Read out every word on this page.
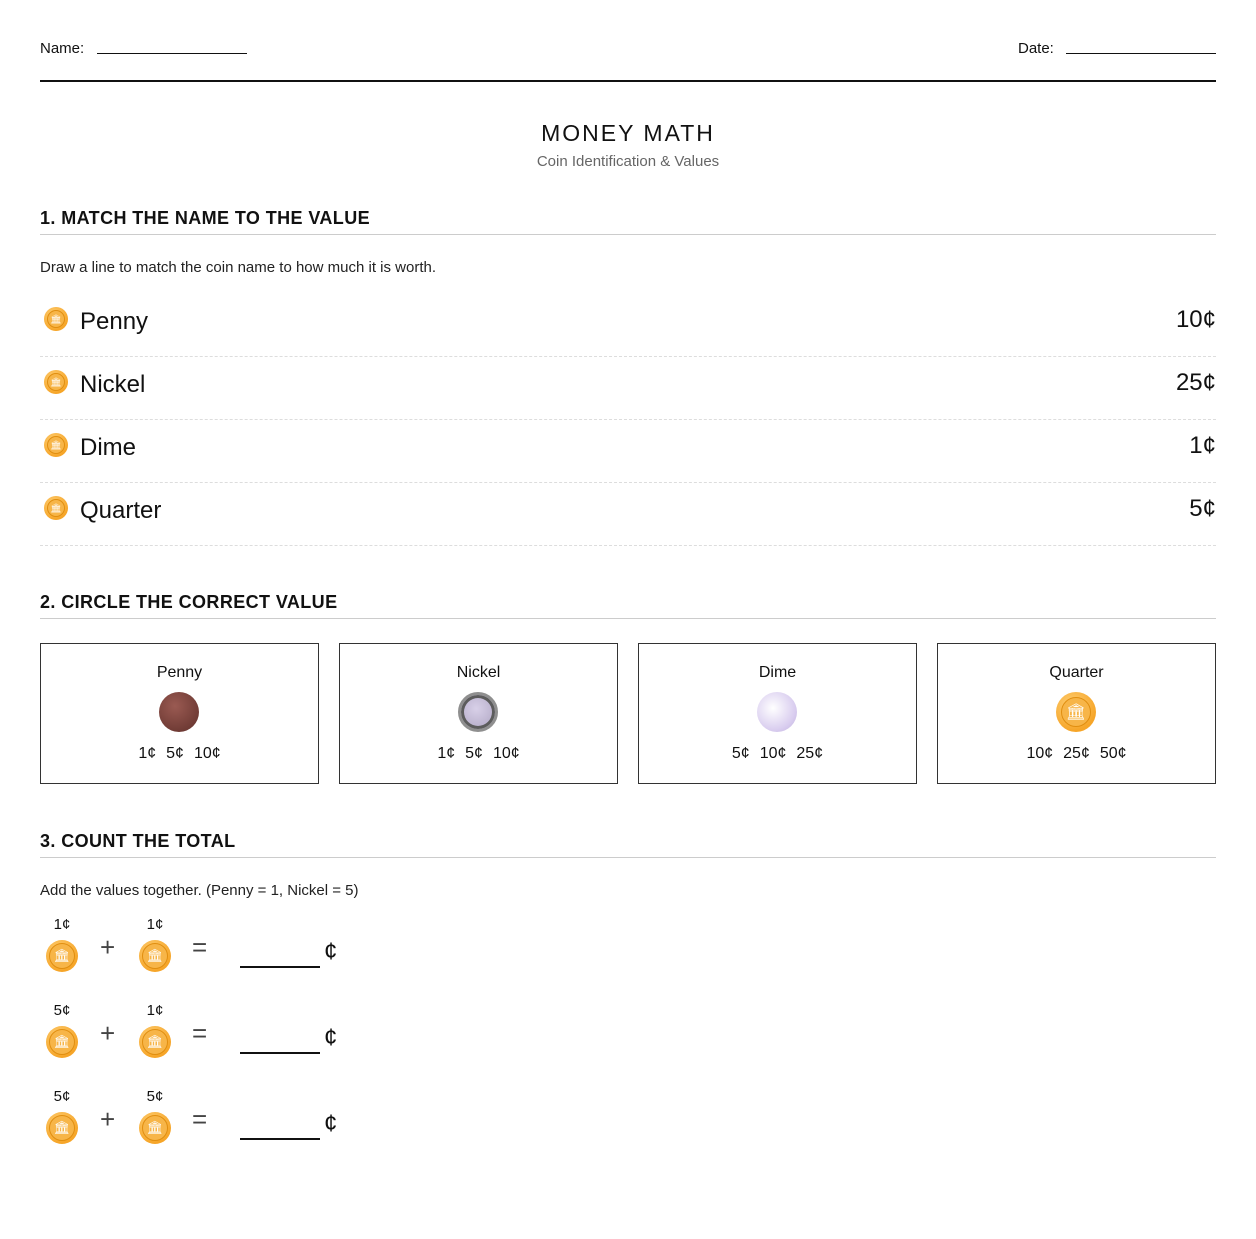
Name:	Date:
MONEY MATH
Coin Identification & Values
1. MATCH THE NAME TO THE VALUE
Draw a line to match the coin name to how much it is worth.
🏛 Penny	10¢
🏛 Nickel	25¢
🏛 Dime	1¢
🏛 Quarter	5¢
2. CIRCLE THE CORRECT VALUE
Penny
1¢ 5¢ 10¢
Nickel
1¢ 5¢ 10¢
Dime
5¢ 10¢ 25¢
Quarter
🏛
10¢ 25¢ 50¢
3. COUNT THE TOTAL
Add the values together. (Penny = 1, Nickel = 5)
1¢
🏛 +
1¢
🏛 =	¢
5¢
🏛 +
1¢
🏛 =	¢
5¢
🏛 +
5¢
🏛 =	¢
